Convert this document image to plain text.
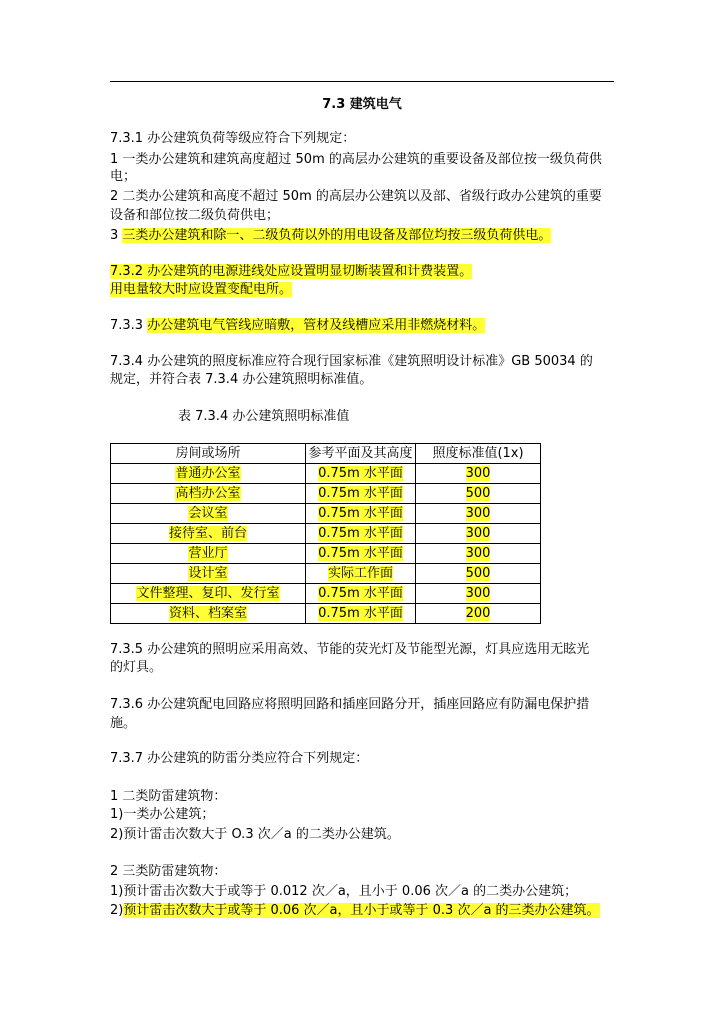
7.3 建筑电气
7.3.1 办公建筑负荷等级应符合下列规定：
1 一类办公建筑和建筑高度超过 50m 的高层办公建筑的重要设备及部位按一级负荷供
电；
2 二类办公建筑和高度不超过 50m 的高层办公建筑以及部、省级行政办公建筑的重要
设备和部位按二级负荷供电；
3 三类办公建筑和除一、二级负荷以外的用电设备及部位均按三级负荷供电。
7.3.2 办公建筑的电源进线处应设置明显切断装置和计费装置。
用电量较大时应设置变配电所。
7.3.3 办公建筑电气管线应暗敷，管材及线槽应采用非燃烧材料。
7.3.4 办公建筑的照度标准应符合现行国家标准《建筑照明设计标准》GB 50034 的
规定，并符合表 7.3.4 办公建筑照明标准值。
表 7.3.4 办公建筑照明标准值
房间或场所	参考平面及其高度	照度标准值(1x)
普通办公室	0.75m 水平面	300
高档办公室	0.75m 水平面	500
会议室	0.75m 水平面	300
接待室、前台	0.75m 水平面	300
营业厅	0.75m 水平面	300
设计室	实际工作面	500
文件整理、复印、发行室	0.75m 水平面	300
资料、档案室	0.75m 水平面	200
7.3.5 办公建筑的照明应采用高效、节能的荧光灯及节能型光源，灯具应选用无眩光
的灯具。
7.3.6 办公建筑配电回路应将照明回路和插座回路分开，插座回路应有防漏电保护措
施。
7.3.7 办公建筑的防雷分类应符合下列规定：
1 二类防雷建筑物：
1)一类办公建筑；
2)预计雷击次数大于 O.3 次／a 的二类办公建筑。
2 三类防雷建筑物：
1)预计雷击次数大于或等于 0.012 次／a，且小于 0.06 次／a 的二类办公建筑；
2)预计雷击次数大于或等于 0.06 次／a，且小于或等于 0.3 次／a 的三类办公建筑。
